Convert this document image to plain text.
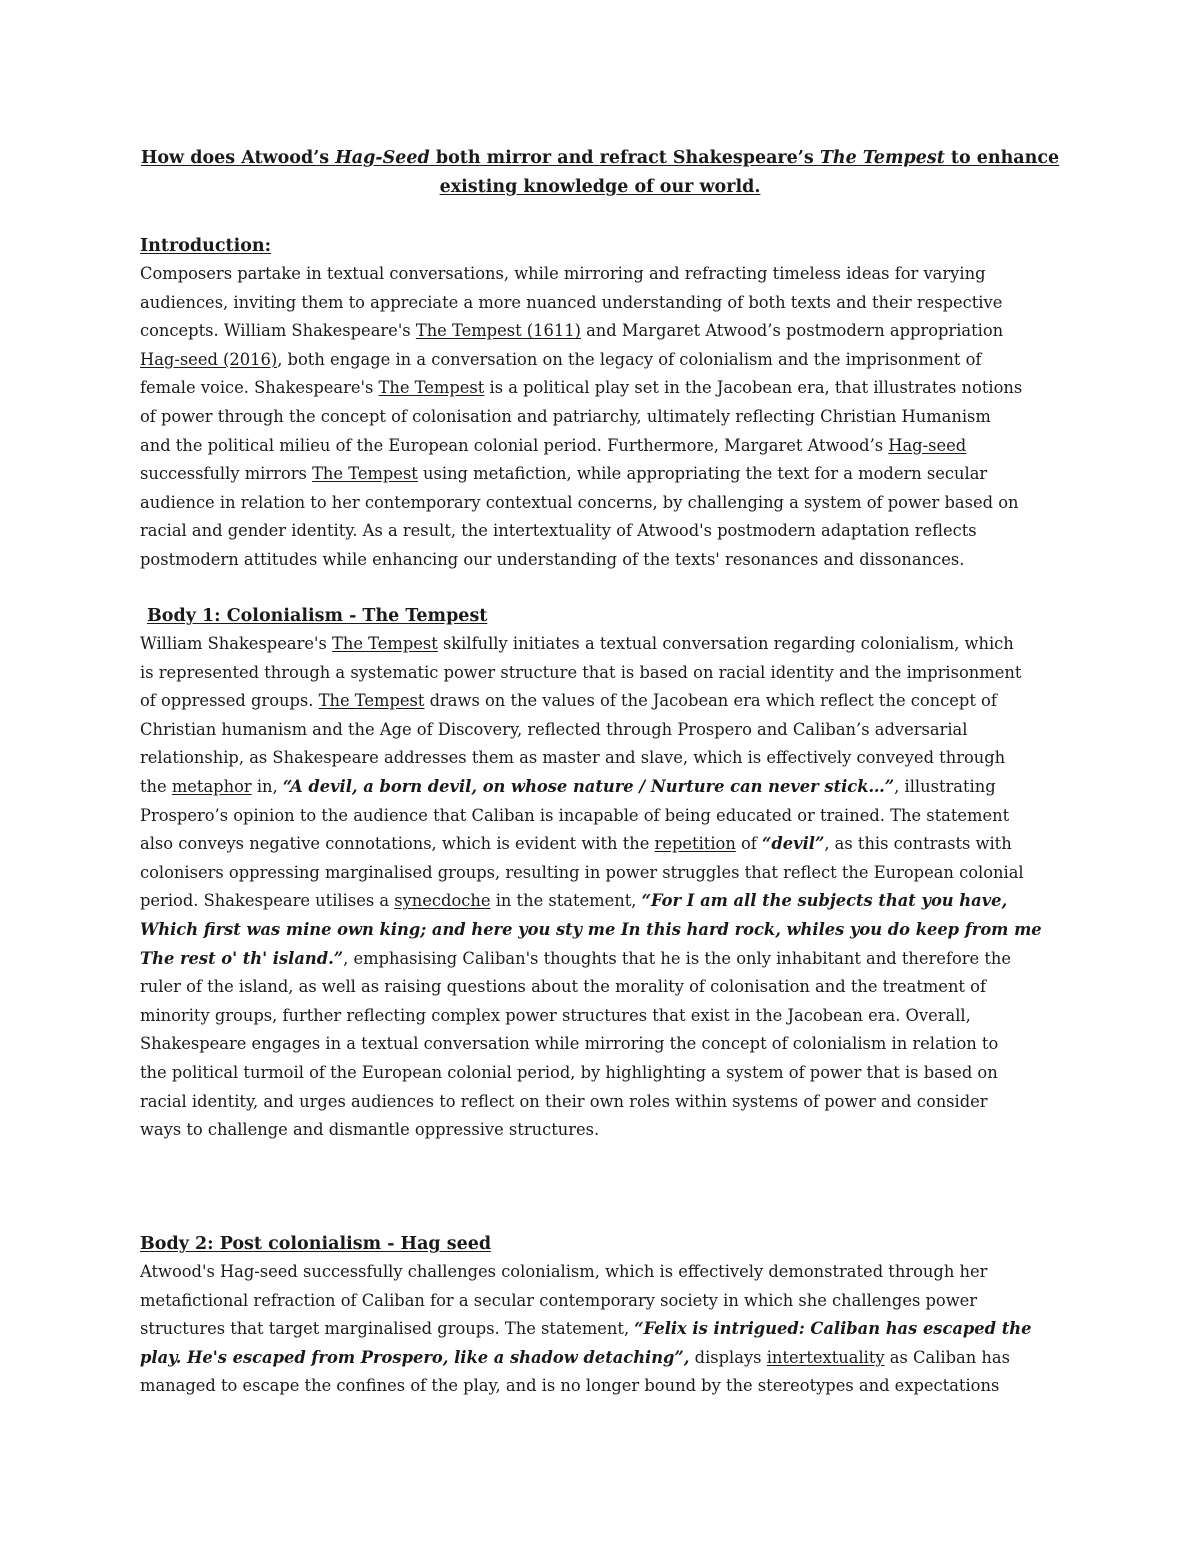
How does Atwood’s Hag-Seed both mirror and refract Shakespeare’s The Tempest to enhance
existing knowledge of our world.
Introduction:
Composers partake in textual conversations, while mirroring and refracting timeless ideas for varying
audiences, inviting them to appreciate a more nuanced understanding of both texts and their respective
concepts. William Shakespeare's The Tempest (1611) and Margaret Atwood’s postmodern appropriation
Hag-seed (2016), both engage in a conversation on the legacy of colonialism and the imprisonment of
female voice. Shakespeare's The Tempest is a political play set in the Jacobean era, that illustrates notions
of power through the concept of colonisation and patriarchy, ultimately reflecting Christian Humanism
and the political milieu of the European colonial period. Furthermore, Margaret Atwood’s Hag-seed
successfully mirrors The Tempest using metafiction, while appropriating the text for a modern secular
audience in relation to her contemporary contextual concerns, by challenging a system of power based on
racial and gender identity. As a result, the intertextuality of Atwood's postmodern adaptation reflects
postmodern attitudes while enhancing our understanding of the texts' resonances and dissonances.
Body 1: Colonialism - The Tempest
William Shakespeare's The Tempest skilfully initiates a textual conversation regarding colonialism, which
is represented through a systematic power structure that is based on racial identity and the imprisonment
of oppressed groups. The Tempest draws on the values of the Jacobean era which reflect the concept of
Christian humanism and the Age of Discovery, reflected through Prospero and Caliban’s adversarial
relationship, as Shakespeare addresses them as master and slave, which is effectively conveyed through
the metaphor in, “A devil, a born devil, on whose nature / Nurture can never stick…”, illustrating
Prospero’s opinion to the audience that Caliban is incapable of being educated or trained. The statement
also conveys negative connotations, which is evident with the repetition of “devil”, as this contrasts with
colonisers oppressing marginalised groups, resulting in power struggles that reflect the European colonial
period. Shakespeare utilises a synecdoche in the statement, “For I am all the subjects that you have,
Which first was mine own king; and here you sty me In this hard rock, whiles you do keep from me
The rest o' th' island.”, emphasising Caliban's thoughts that he is the only inhabitant and therefore the
ruler of the island, as well as raising questions about the morality of colonisation and the treatment of
minority groups, further reflecting complex power structures that exist in the Jacobean era. Overall,
Shakespeare engages in a textual conversation while mirroring the concept of colonialism in relation to
the political turmoil of the European colonial period, by highlighting a system of power that is based on
racial identity, and urges audiences to reflect on their own roles within systems of power and consider
ways to challenge and dismantle oppressive structures.
Body 2: Post colonialism - Hag seed
Atwood's Hag-seed successfully challenges colonialism, which is effectively demonstrated through her
metafictional refraction of Caliban for a secular contemporary society in which she challenges power
structures that target marginalised groups. The statement, “Felix is intrigued: Caliban has escaped the
play. He's escaped from Prospero, like a shadow detaching”, displays intertextuality as Caliban has
managed to escape the confines of the play, and is no longer bound by the stereotypes and expectations
